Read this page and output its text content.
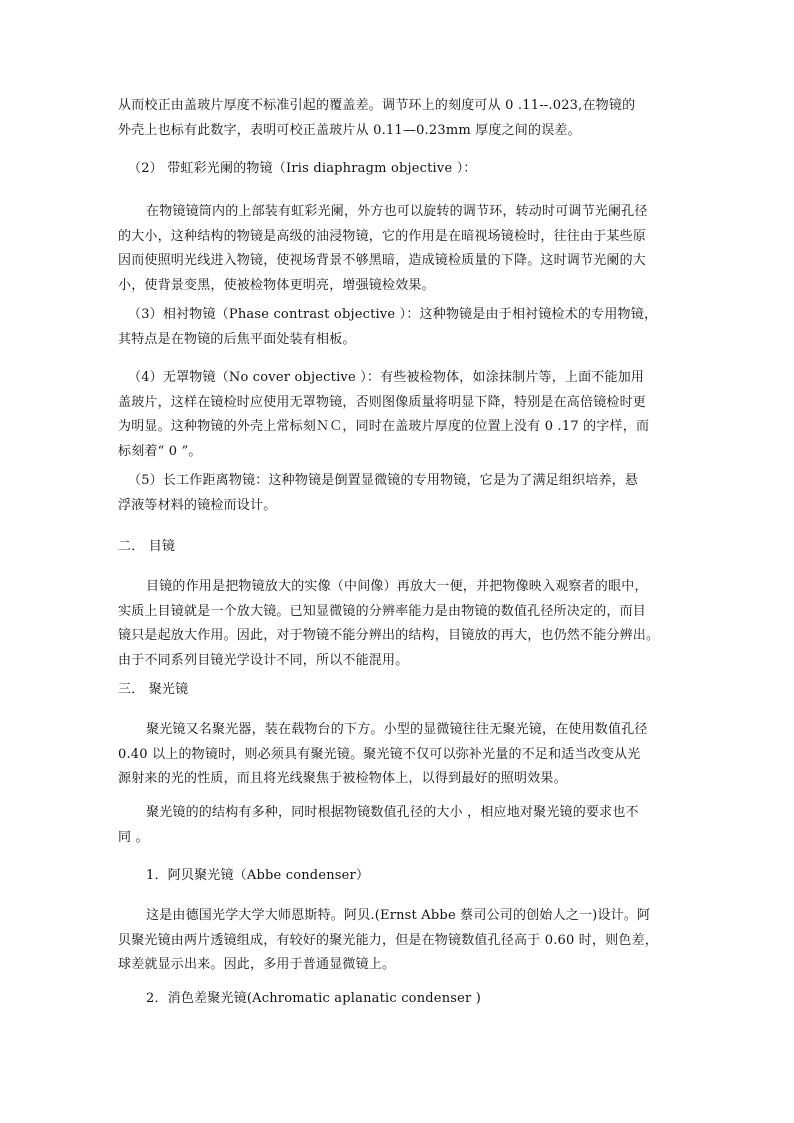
从而校正由盖玻片厚度不标准引起的覆盖差。调节环上的刻度可从 0 .11--.023,在物镜的
外壳上也标有此数字，表明可校正盖玻片从 0.11—0.23mm 厚度之间的误差。

（2） 带虹彩光阑的物镜（Iris diaphragm objective ）：

在物镜镜筒内的上部装有虹彩光阑，外方也可以旋转的调节环，转动时可调节光阑孔径
的大小，这种结构的物镜是高级的油浸物镜，它的作用是在暗视场镜检时，往往由于某些原
因而使照明光线进入物镜，使视场背景不够黑暗，造成镜检质量的下降。这时调节光阑的大
小，使背景变黑，使被检物体更明亮，增强镜检效果。

（3）相衬物镜（Phase contrast objective ）：这种物镜是由于相衬镜检术的专用物镜，
其特点是在物镜的后焦平面处装有相板。

（4）无罩物镜（No cover objective ）：有些被检物体，如涂抹制片等，上面不能加用
盖玻片，这样在镜检时应使用无罩物镜，否则图像质量将明显下降，特别是在高倍镜检时更
为明显。这种物镜的外壳上常标刻ＮＣ，同时在盖玻片厚度的位置上没有 0 .17 的字样，而
标刻着“ 0 ”。

（5）长工作距离物镜：这种物镜是倒置显微镜的专用物镜，它是为了满足组织培养，悬
浮液等材料的镜检而设计。

二． 目镜

目镜的作用是把物镜放大的实像（中间像）再放大一便，并把物像映入观察者的眼中，
实质上目镜就是一个放大镜。已知显微镜的分辨率能力是由物镜的数值孔径所决定的，而目
镜只是起放大作用。因此，对于物镜不能分辨出的结构，目镜放的再大，也仍然不能分辨出。
由于不同系列目镜光学设计不同，所以不能混用。

三． 聚光镜

聚光镜又名聚光器，装在载物台的下方。小型的显微镜往往无聚光镜，在使用数值孔径
0.40 以上的物镜时，则必须具有聚光镜。聚光镜不仅可以弥补光量的不足和适当改变从光
源射来的光的性质，而且将光线聚焦于被检物体上，以得到最好的照明效果。

聚光镜的的结构有多种，同时根据物镜数值孔径的大小 ，相应地对聚光镜的要求也不
同 。

1．阿贝聚光镜（Abbe condenser）

这是由德国光学大学大师恩斯特。阿贝.(Ernst Abbe 蔡司公司的创始人之一)设计。阿
贝聚光镜由两片透镜组成，有较好的聚光能力，但是在物镜数值孔径高于 0.60 时，则色差，
球差就显示出来。因此，多用于普通显微镜上。

2．消色差聚光镜(Achromatic aplanatic condenser )
